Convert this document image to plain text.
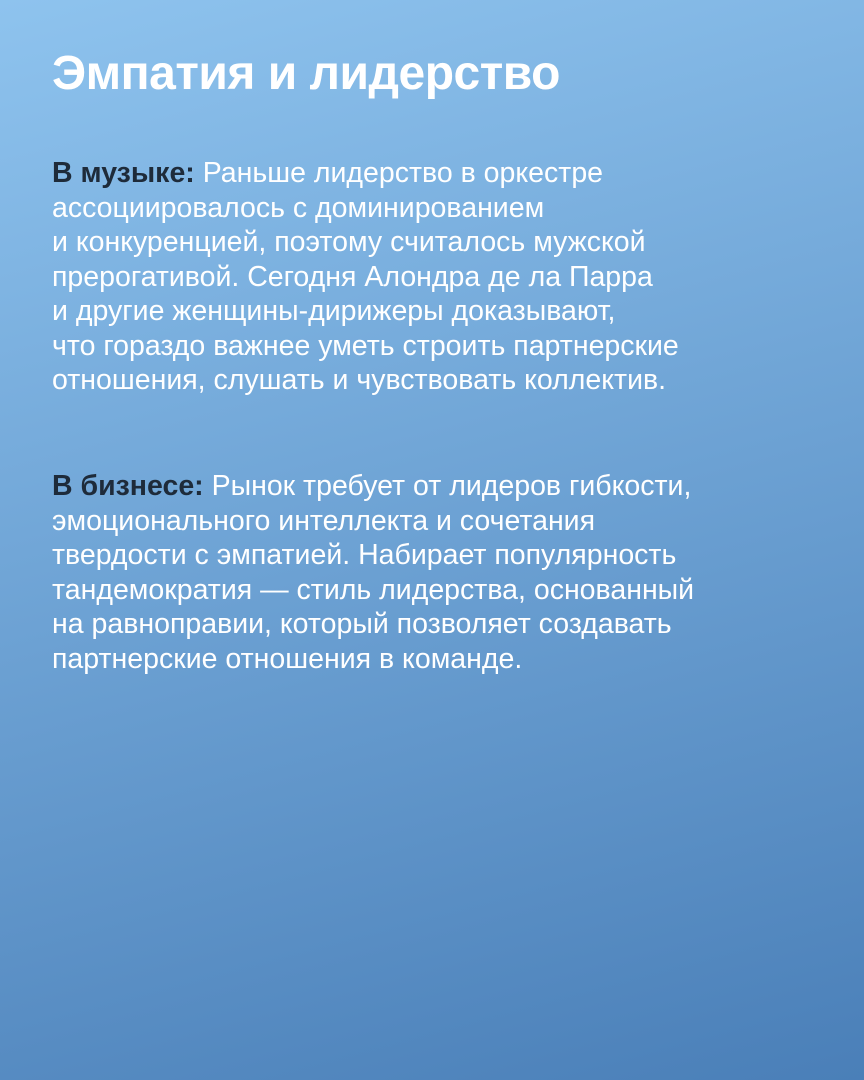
Эмпатия и лидерство

В музыке: Раньше лидерство в оркестре
ассоциировалось с доминированием
и конкуренцией, поэтому считалось мужской
прерогативой. Сегодня Алондра де ла Парра
и другие женщины-дирижеры доказывают,
что гораздо важнее уметь строить партнерские
отношения, слушать и чувствовать коллектив.

В бизнесе: Рынок требует от лидеров гибкости,
эмоционального интеллекта и сочетания
твердости с эмпатией. Набирает популярность
тандемократия — стиль лидерства, основанный
на равноправии, который позволяет создавать
партнерские отношения в команде.
